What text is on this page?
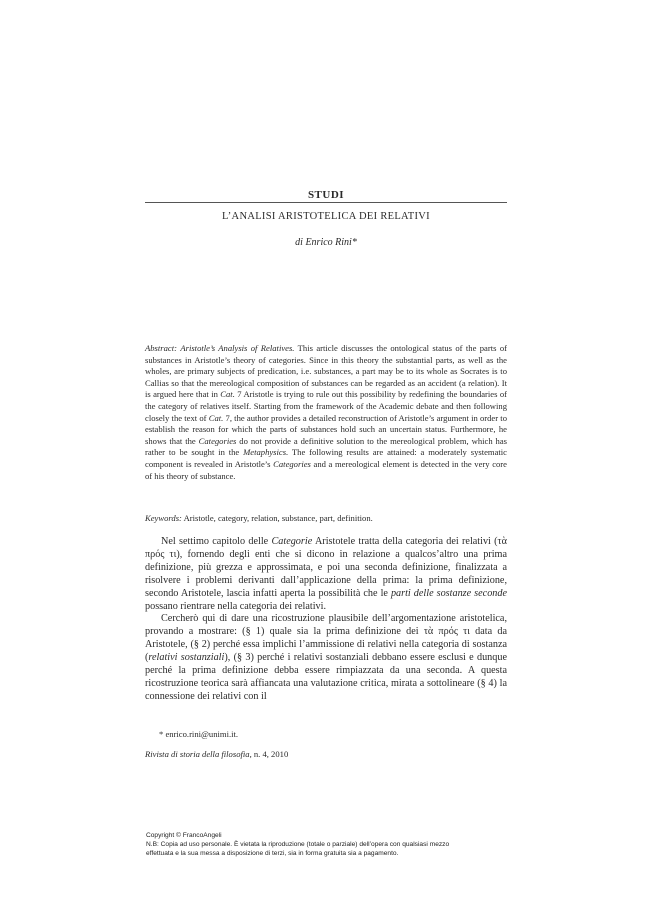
STUDI
L’ANALISI ARISTOTELICA DEI RELATIVI
di Enrico Rini*
Abstract: Aristotle’s Analysis of Relatives. This article discusses the ontological status of the parts of substances in Aristotle’s theory of categories. Since in this theory the substantial parts, as well as the wholes, are primary subjects of predication, i.e. substances, a part may be to its whole as Socrates is to Callias so that the mereological composition of substances can be regarded as an accident (a relation). It is argued here that in Cat. 7 Aristotle is trying to rule out this possibility by redefining the boundaries of the category of relatives itself. Starting from the framework of the Academic debate and then following closely the text of Cat. 7, the author provides a detailed reconstruction of Aristotle’s argument in order to establish the reason for which the parts of substances hold such an uncertain status. Furthermore, he shows that the Categories do not provide a definitive solution to the mereological problem, which has rather to be sought in the Metaphysics. The following results are attained: a moderately systematic component is revealed in Aristotle’s Categories and a mereological element is detected in the very core of his theory of substance.
Keywords: Aristotle, category, relation, substance, part, definition.

Nel settimo capitolo delle Categorie Aristotele tratta della categoria dei relativi (τὰ πρός τι), fornendo degli enti che si dicono in relazione a qualcos’altro una prima definizione, più grezza e approssimata, e poi una seconda definizione, finalizzata a risolvere i problemi derivanti dall’applicazione della prima: la prima definizione, secondo Aristotele, lascia infatti aperta la possibilità che le parti delle sostanze seconde possano rientrare nella categoria dei relativi.

Cercherò qui di dare una ricostruzione plausibile dell’argomentazione aristotelica, provando a mostrare: (§ 1) quale sia la prima definizione dei τὰ πρός τι data da Aristotele, (§ 2) perché essa implichi l’ammissione di relativi nella categoria di sostanza (relativi sostanziali), (§ 3) perché i relativi sostanziali debbano essere esclusi e dunque perché la prima definizione debba essere rimpiazzata da una seconda. A questa ricostruzione teorica sarà affiancata una valutazione critica, mirata a sottolineare (§ 4) la connessione dei relativi con il

* enrico.rini@unimi.it.
Rivista di storia della filosofia, n. 4, 2010
Copyright © FrancoAngeli
N.B: Copia ad uso personale. È vietata la riproduzione (totale o parziale) dell’opera con qualsiasi mezzo
effettuata e la sua messa a disposizione di terzi, sia in forma gratuita sia a pagamento.
